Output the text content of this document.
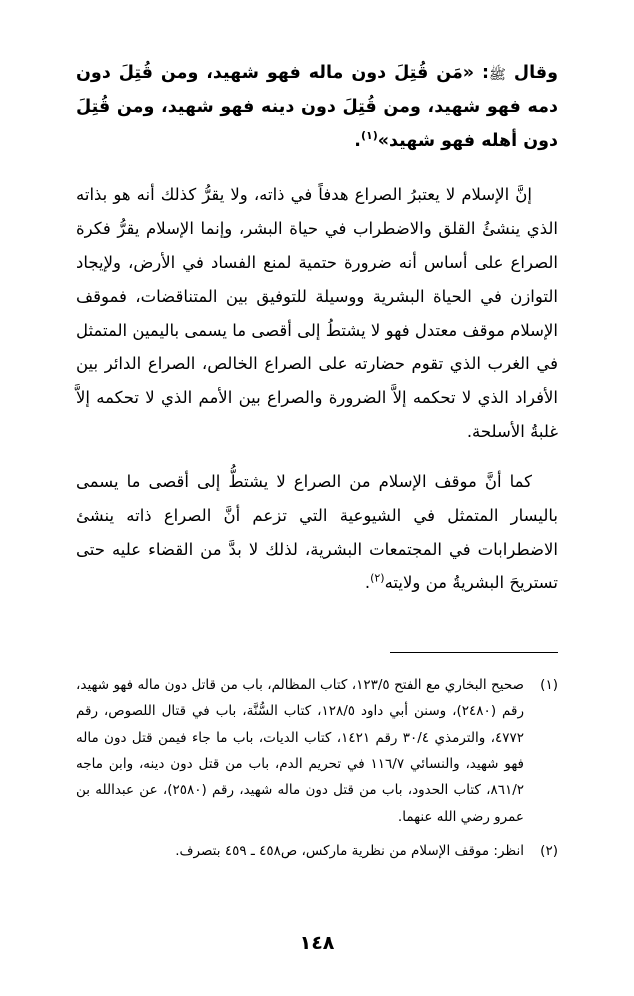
وقال ﷺ: «مَن قُتِلَ دون ماله فهو شهيد، ومن قُتِلَ دون دمه فهو شهيد، ومن قُتِلَ دون دينه فهو شهيد، ومن قُتِلَ دون أهله فهو شهيد»$^{(١)}$.

إنَّ الإسلام لا يعتبرُ الصراع هدفاً في ذاته، ولا يقرُّ كذلك أنه هو بذاته الذي ينشئُ القلق والاضطراب في حياة البشر، وإنما الإسلام يقرُّ فكرة الصراع على أساس أنه ضرورة حتمية لمنع الفساد في الأرض، ولإيجاد التوازن في الحياة البشرية ووسيلة للتوفيق بين المتناقضات، فموقف الإسلام موقف معتدل فهو لا يشتطُ إلى أقصى ما يسمى باليمين المتمثل في الغرب الذي تقوم حضارته على الصراع الخالص، الصراع الدائر بين الأفراد الذي لا تحكمه إلاَّ الضرورة والصراع بين الأمم الذي لا تحكمه إلاَّ غلبةُ الأسلحة.

كما أنَّ موقف الإسلام من الصراع لا يشتطُّ إلى أقصى ما يسمى باليسار المتمثل في الشيوعية التي تزعم أنَّ الصراع ذاته ينشئ الاضطرابات في المجتمعات البشرية، لذلك لا بدَّ من القضاء عليه حتى تستريحَ البشريةُ من ولايته$^{(٢)}$.

(١)
صحيح البخاري مع الفتح ١٢٣/٥، كتاب المظالم، باب من قاتل دون ماله فهو شهيد، رقم (٢٤٨٠)، وسنن أبي داود ١٢٨/٥، كتاب السُّنَّة، باب في قتال اللصوص، رقم ٤٧٧٢، والترمذي ٣٠/٤ رقم ١٤٢١، كتاب الديات، باب ما جاء فيمن قتل دون ماله فهو شهيد، والنسائي ١١٦/٧ في تحريم الدم، باب من قتل دون دينه، وابن ماجه ٨٦١/٢، كتاب الحدود، باب من قتل دون ماله شهيد، رقم (٢٥٨٠)، عن عبدالله بن عمرو رضي الله عنهما.
(٢)
انظر: موقف الإسلام من نظرية ماركس، ص٤٥٨ ـ ٤٥٩ بتصرف.
١٤٨
